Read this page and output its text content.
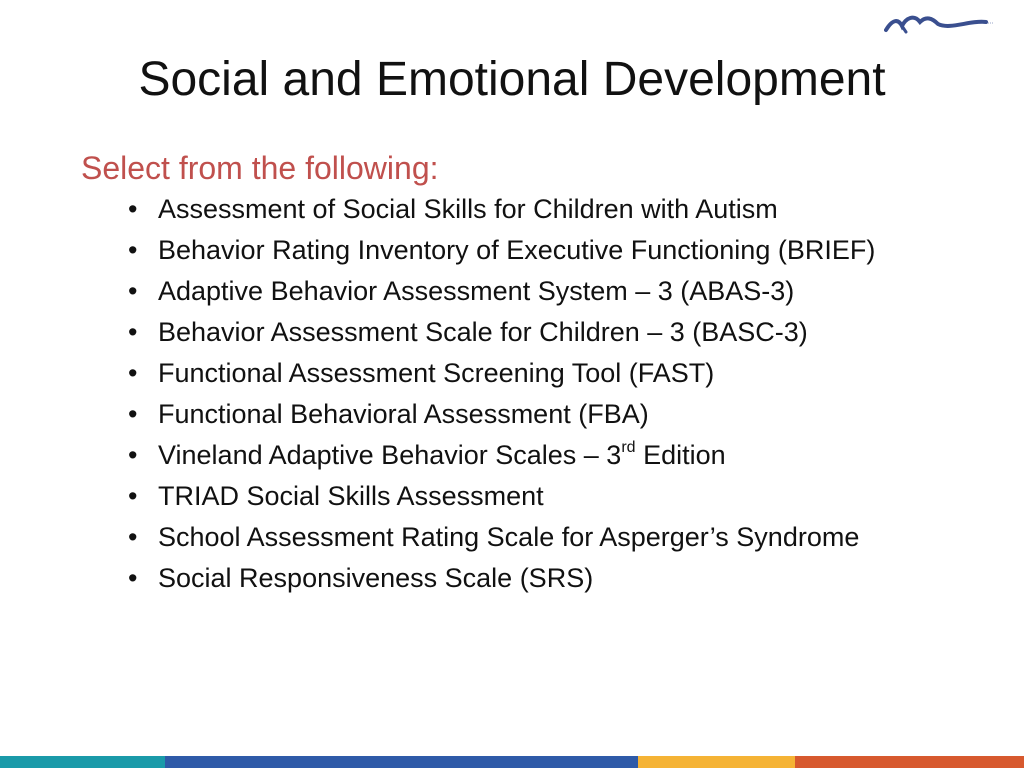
Social and Emotional Development

Select from the following:

•
Assessment of Social Skills for Children with Autism
•
Behavior Rating Inventory of Executive Functioning (BRIEF)
•
Adaptive Behavior Assessment System – 3 (ABAS-3)
•
Behavior Assessment Scale for Children – 3 (BASC-3)
•
Functional Assessment Screening Tool (FAST)
•
Functional Behavioral Assessment (FBA)
•
Vineland Adaptive Behavior Scales – 3rd Edition
•
TRIAD Social Skills Assessment
•
School Assessment Rating Scale for Asperger’s Syndrome
•
Social Responsiveness Scale (SRS)
